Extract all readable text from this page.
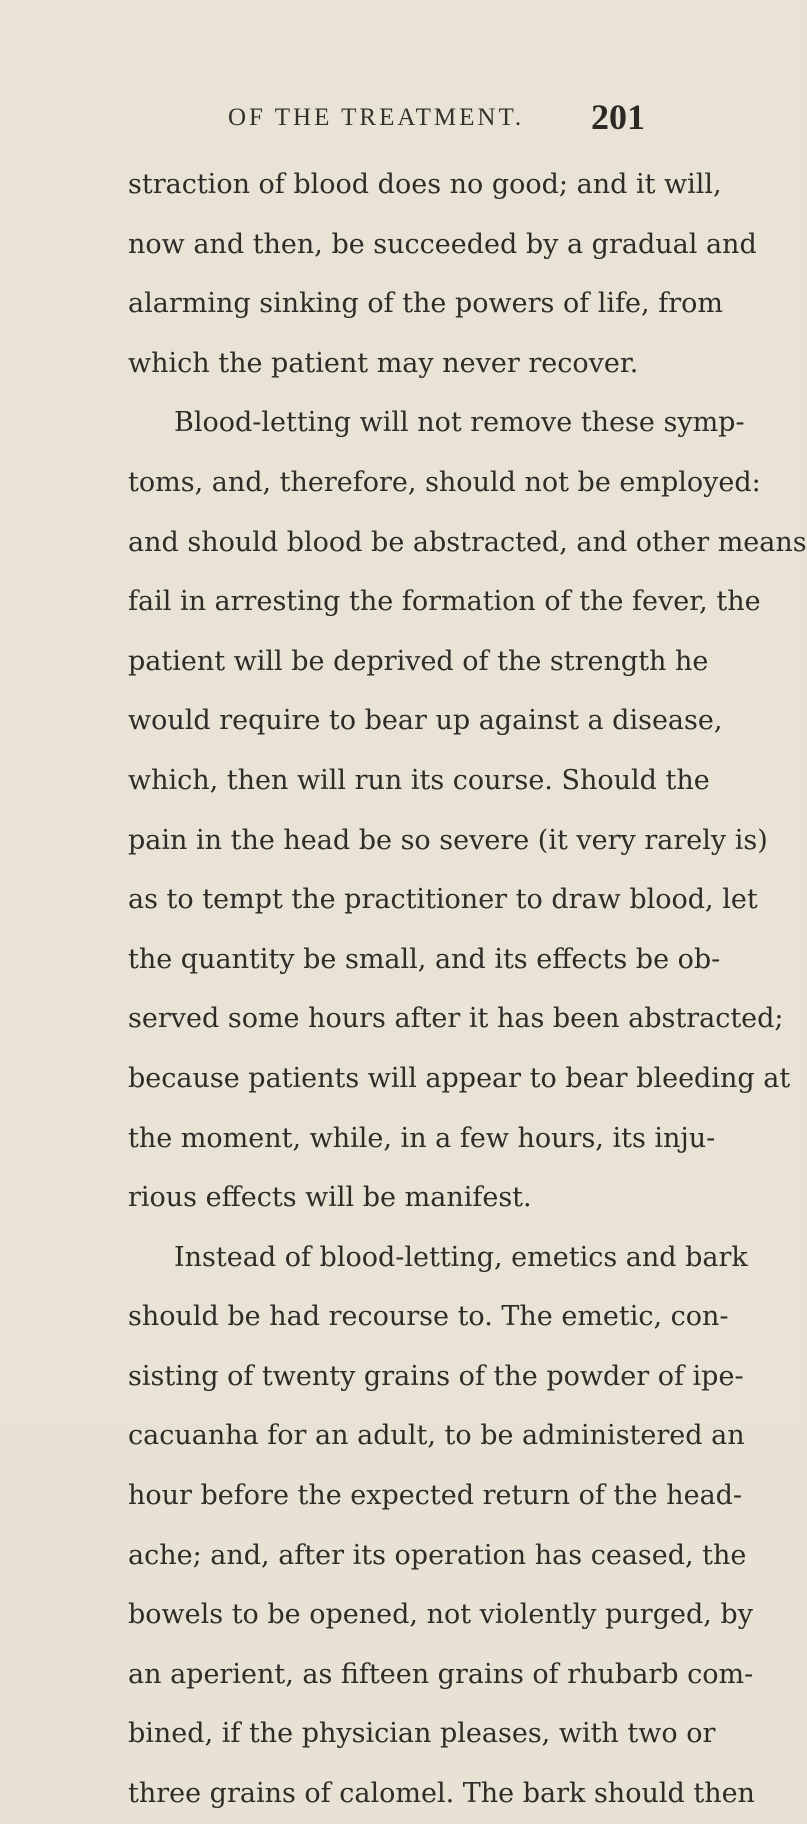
OF THE TREATMENT. 201
straction of blood does no good; and it will,
now and then, be succeeded by a gradual and
alarming sinking of the powers of life, from
which the patient may never recover.
Blood-letting will not remove these symp-
toms, and, therefore, should not be employed:
and should blood be abstracted, and other means
fail in arresting the formation of the fever, the
patient will be deprived of the strength he
would require to bear up against a disease,
which, then will run its course. Should the
pain in the head be so severe (it very rarely is)
as to tempt the practitioner to draw blood, let
the quantity be small, and its effects be ob-
served some hours after it has been abstracted;
because patients will appear to bear bleeding at
the moment, while, in a few hours, its inju-
rious effects will be manifest.
Instead of blood-letting, emetics and bark
should be had recourse to. The emetic, con-
sisting of twenty grains of the powder of ipe-
cacuanha for an adult, to be administered an
hour before the expected return of the head-
ache; and, after its operation has ceased, the
bowels to be opened, not violently purged, by
an aperient, as fifteen grains of rhubarb com-
bined, if the physician pleases, with two or
three grains of calomel. The bark should then
